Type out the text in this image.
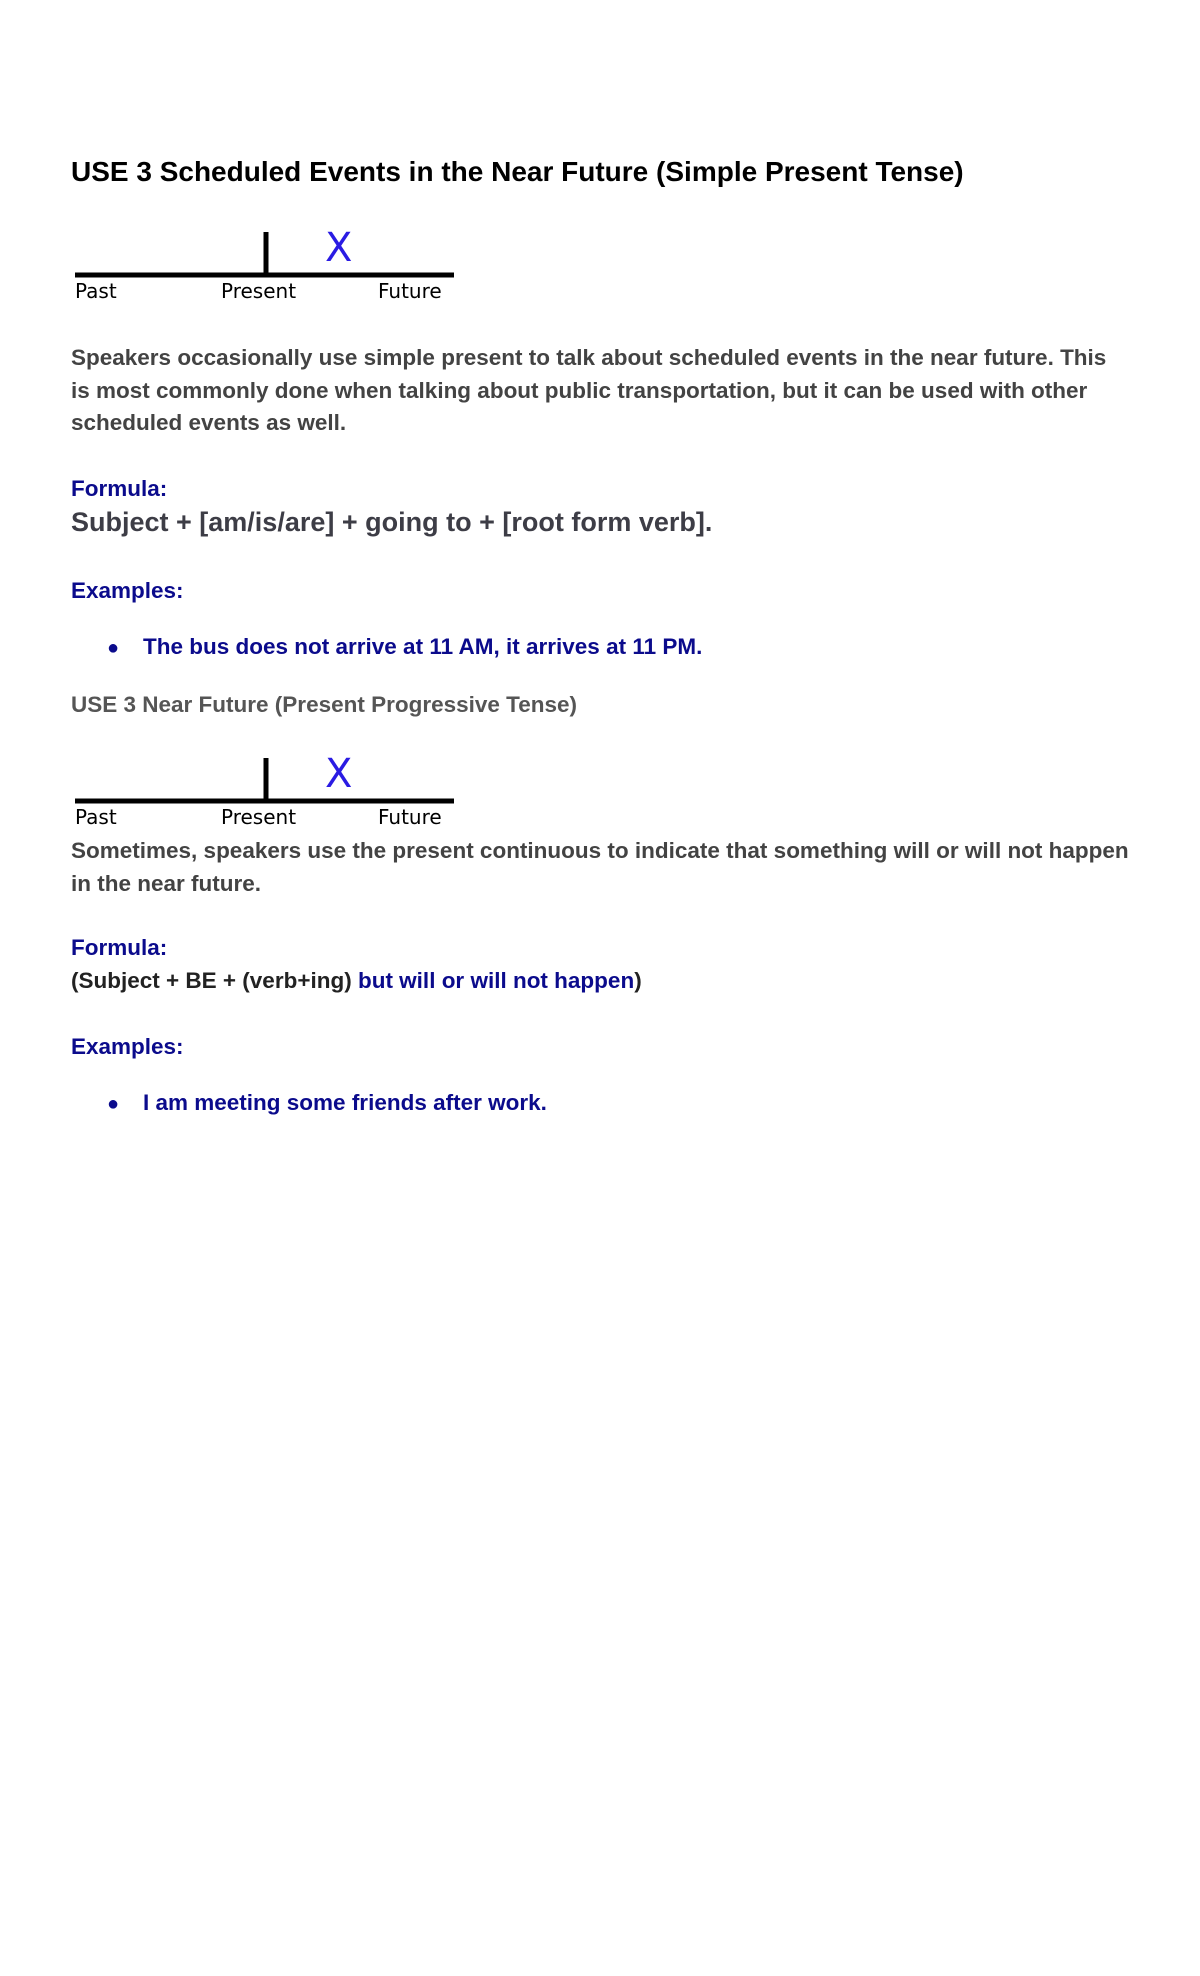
USE 3 Scheduled Events in the Near Future (Simple Present Tense)
X
Past	Present	Future
Speakers occasionally use simple present to talk about scheduled events in the near future. This is most commonly done when talking about public transportation, but it can be used with other scheduled events as well.
Formula:
Subject + [am/is/are] + going to + [root form verb].
Examples:
● The bus does not arrive at 11 AM, it arrives at 11 PM.
USE 3 Near Future (Present Progressive Tense)
X
Past	Present	Future
Sometimes, speakers use the present continuous to indicate that something will or will not happen in the near future.
Formula:
(Subject + BE + (verb+ing) but will or will not happen)
Examples:
● I am meeting some friends after work.
